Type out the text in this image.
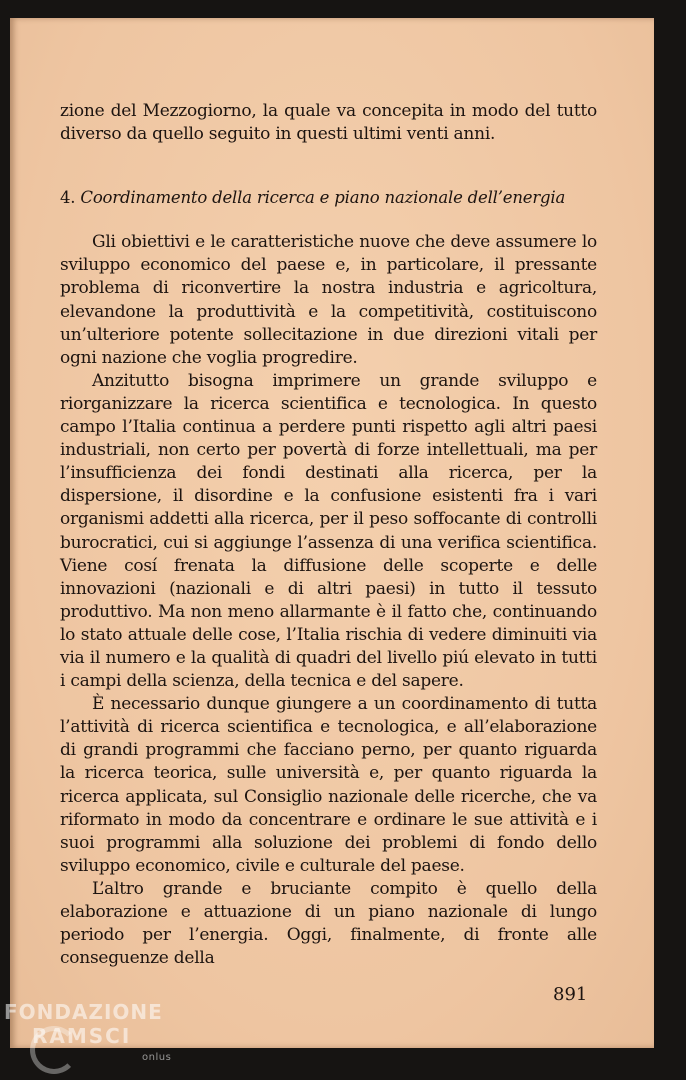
zione del Mezzogiorno, la quale va concepita in modo del tutto diverso da quello seguito in questi ultimi venti anni.

4. Coordinamento della ricerca e piano nazionale dell’energia

Gli obiettivi e le caratteristiche nuove che deve assumere lo sviluppo economico del paese e, in particolare, il pressante problema di riconvertire la nostra industria e agricoltura, elevandone la produttività e la competitività, costituiscono un’ulteriore potente sollecitazione in due direzioni vitali per ogni nazione che voglia progredire.

Anzitutto bisogna imprimere un grande sviluppo e riorganizzare la ricerca scientifica e tecnologica. In questo campo l’Italia continua a perdere punti rispetto agli altri paesi industriali, non certo per povertà di forze intellettuali, ma per l’insufficienza dei fondi destinati alla ricerca, per la dispersione, il disordine e la confusione esistenti fra i vari organismi addetti alla ricerca, per il peso soffocante di controlli burocratici, cui si aggiunge l’assenza di una verifica scientifica. Viene cosí frenata la diffusione delle scoperte e delle innovazioni (nazionali e di altri paesi) in tutto il tessuto produttivo. Ma non meno allarmante è il fatto che, continuando lo stato attuale delle cose, l’Italia rischia di vedere diminuiti via via il numero e la qualità di quadri del livello piú elevato in tutti i campi della scienza, della tecnica e del sapere.

È necessario dunque giungere a un coordinamento di tutta l’attività di ricerca scientifica e tecnologica, e all’elaborazione di grandi programmi che facciano perno, per quanto riguarda la ricerca teorica, sulle università e, per quanto riguarda la ricerca applicata, sul Consiglio nazionale delle ricerche, che va riformato in modo da concentrare e ordinare le sue attività e i suoi programmi alla soluzione dei problemi di fondo dello sviluppo economico, civile e culturale del paese.

L’altro grande e bruciante compito è quello della elaborazione e attuazione di un piano nazionale di lungo periodo per l’energia. Oggi, finalmente, di fronte alle conseguenze della

891
FONDAZIONE
RAMSCI
onlus
